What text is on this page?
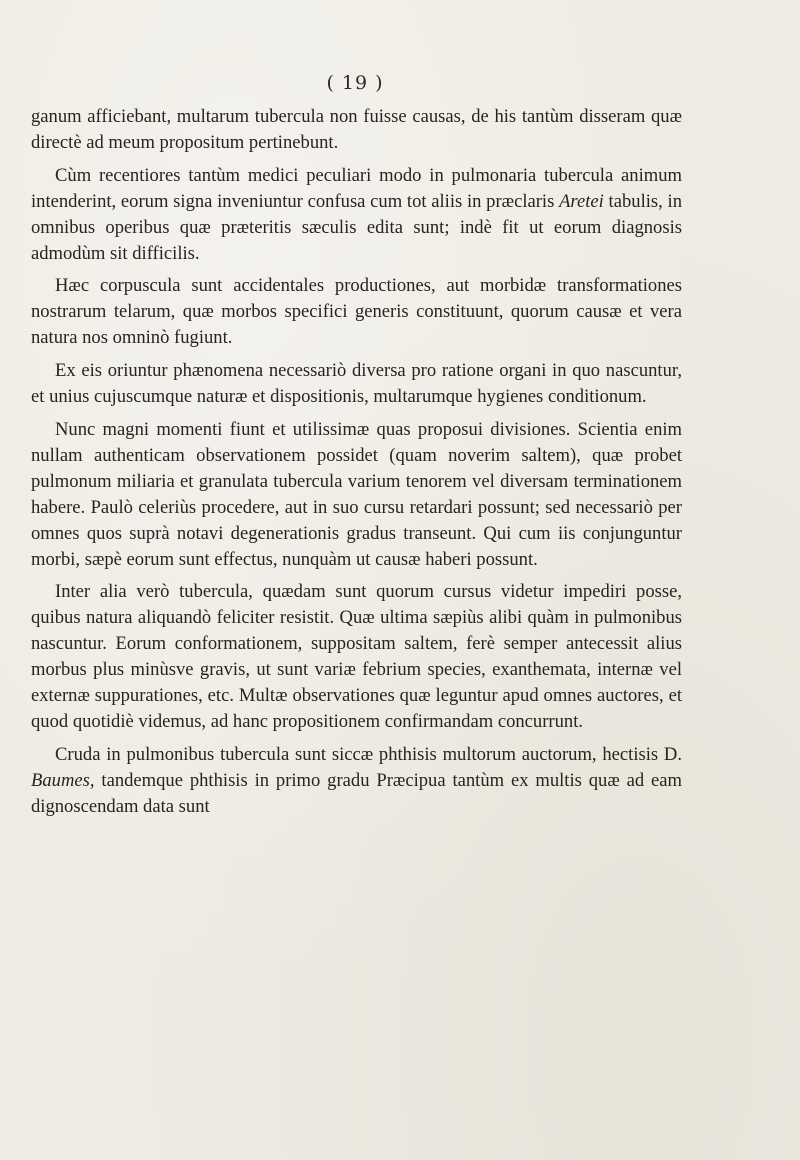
( 19 )

ganum afficiebant, multarum tubercula non fuisse causas, de his tantùm disseram quæ directè ad meum propositum pertinebunt.

Cùm recentiores tantùm medici peculiari modo in pulmonaria tubercula animum intenderint, eorum signa inveniuntur confusa cum tot aliis in præclaris Aretei tabulis, in omnibus operibus quæ præteritis sæculis edita sunt; indè fit ut eorum diagnosis admodùm sit difficilis.

Hæc corpuscula sunt accidentales productiones, aut morbidæ transformationes nostrarum telarum, quæ morbos specifici generis constituunt, quorum causæ et vera natura nos omninò fugiunt.

Ex eis oriuntur phænomena necessariò diversa pro ratione organi in quo nascuntur, et unius cujuscumque naturæ et dispositionis, multarumque hygienes conditionum.

Nunc magni momenti fiunt et utilissimæ quas proposui divisiones. Scientia enim nullam authenticam observationem possidet (quam noverim saltem), quæ probet pulmonum miliaria et granulata tubercula varium tenorem vel diversam terminationem habere. Paulò celeriùs procedere, aut in suo cursu retardari possunt; sed necessariò per omnes quos suprà notavi degenerationis gradus transeunt. Qui cum iis conjunguntur morbi, sæpè eorum sunt effectus, nunquàm ut causæ haberi possunt.

Inter alia verò tubercula, quædam sunt quorum cursus videtur impediri posse, quibus natura aliquandò feliciter resistit. Quæ ultima sæpiùs alibi quàm in pulmonibus nascuntur. Eorum conformationem, suppositam saltem, ferè semper antecessit alius morbus plus minùsve gravis, ut sunt variæ febrium species, exanthemata, internæ vel externæ suppurationes, etc. Multæ observationes quæ leguntur apud omnes auctores, et quod quotidiè videmus, ad hanc propositionem confirmandam concurrunt.

Cruda in pulmonibus tubercula sunt siccæ phthisis multorum auctorum, hectisis D. Baumes, tandemque phthisis in primo gradu Præcipua tantùm ex multis quæ ad eam dignoscendam data sunt
